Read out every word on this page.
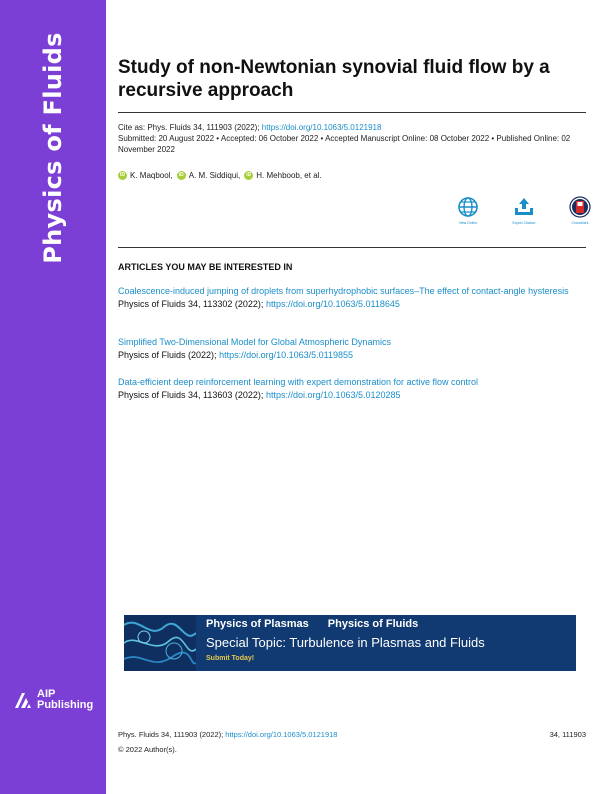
Physics of Fluids
AIP
Publishing
Study of non-Newtonian synovial fluid flow by a recursive approach
Cite as: Phys. Fluids 34, 111903 (2022); https://doi.org/10.1063/5.0121918
Submitted: 20 August 2022 • Accepted: 06 October 2022 • Accepted Manuscript Online: 08 October 2022 • Published Online: 02 November 2022
iD K. Maqbool,	iD A. M. Siddiqui,	iD H. Mehboob, et al.
View Online	Export Citation	CrossMark
ARTICLES YOU MAY BE INTERESTED IN
Coalescence-induced jumping of droplets from superhydrophobic surfaces–The effect of contact-angle hysteresis
Physics of Fluids 34, 113302 (2022); https://doi.org/10.1063/5.0118645
Simplified Two-Dimensional Model for Global Atmospheric Dynamics
Physics of Fluids (2022); https://doi.org/10.1063/5.0119855
Data-efficient deep reinforcement learning with expert demonstration for active flow control
Physics of Fluids 34, 113603 (2022); https://doi.org/10.1063/5.0120285
Physics of Plasmas Physics of Fluids
Special Topic: Turbulence in Plasmas and Fluids
Submit Today!
Phys. Fluids 34, 111903 (2022); https://doi.org/10.1063/5.0121918	34, 111903
© 2022 Author(s).
